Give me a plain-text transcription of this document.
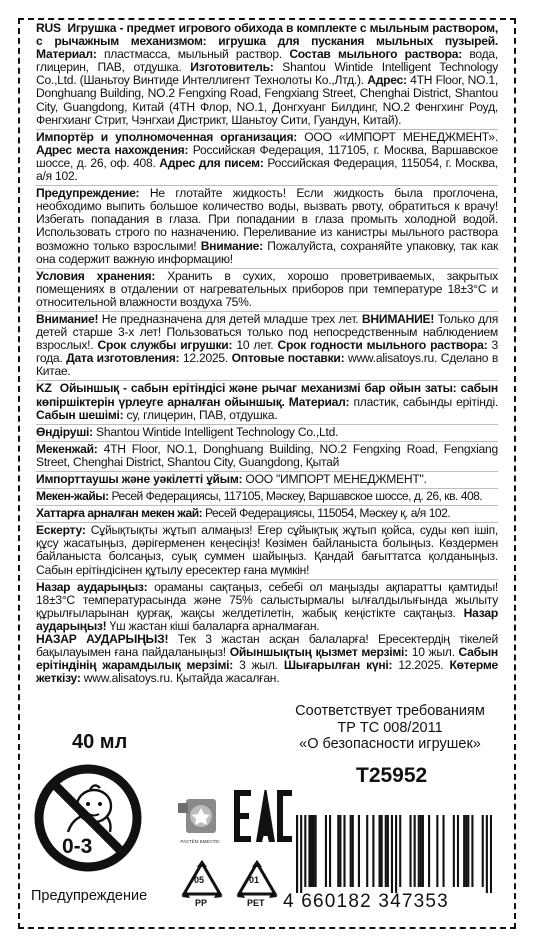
RUS Игрушка - предмет игрового обихода в комплекте с мыльным раствором, с рычажным механизмом: игрушка для пускания мыльных пузырей. Материал: пластмасса, мыльный раствор. Состав мыльного раствора: вода, глицерин, ПАВ, отдушка. Изготовитель: Shantou Wintide Intelligent Technology Co.,Ltd. (Шаньтоу Винтиде Интеллигент Технолоты Ко.,Лтд.). Адрес: 4TH Floor, NO.1, Donghuang Building, NO.2 Fengxing Road, Fengxiang Street, Chenghai District, Shantou City, Guangdong, Китай (4TH Флор, NO.1, Донгхуанг Билдинг, NO.2 Фенгхинг Роуд, Фенгхианг Стрит, Чэнгхаи Дистрикт, Шаньтоу Сити, Гуандун, Китай).

Импортёр и уполномоченная организация: ООО «ИМПОРТ МЕНЕДЖМЕНТ». Адрес места нахождения: Российская Федерация, 117105, г. Москва, Варшавское шоссе, д. 26, оф. 408. Адрес для писем: Российская Федерация, 115054, г. Москва, а/я 102.

Предупреждение: Не глотайте жидкость! Если жидкость была проглочена, необходимо выпить большое количество воды, вызвать рвоту, обратиться к врачу! Избегать попадания в глаза. При попадании в глаза промыть холодной водой. Использовать строго по назначению. Переливание из канистры мыльного раствора возможно только взрослыми! Внимание: Пожалуйста, сохраняйте упаковку, так как она содержит важную информацию!

Условия хранения: Хранить в сухих, хорошо проветриваемых, закрытых помещениях в отдалении от нагревательных приборов при температуре 18±3°С и относительной влажности воздуха 75%.

Внимание! Не предназначена для детей младше трех лет. ВНИМАНИЕ! Только для детей старше 3-х лет! Пользоваться только под непосредственным наблюдением взрослых!. Срок службы игрушки: 10 лет. Срок годности мыльного раствора: 3 года. Дата изготовления: 12.2025. Оптовые поставки: www.alisatoys.ru. Сделано в Китае.

KZ Ойыншық - сабын ерітіндісі және рычаг механизмі бар ойын заты: сабын көпіршіктерін үрлеуге арналған ойыншық. Материал: пластик, сабынды ерітінді. Сабын шешімі: су, глицерин, ПАВ, отдушка.

Өндіруші: Shantou Wintide Intelligent Technology Co.,Ltd.

Мекенжай: 4TH Floor, NO.1, Donghuang Building, NO.2 Fengxing Road, Fengxiang Street, Chenghai District, Shantou City, Guangdong, Қытай

Импорттаушы және уәкілетті ұйым: ООО "ИМПОРТ МЕНЕДЖМЕНТ".

Мекен-жайы: Ресей Федерациясы, 117105, Мәскеу, Варшавское шоссе, д. 26, кв. 408.

Хаттарға арналған мекен жай: Ресей Федерациясы, 115054, Мәскеу қ. а/я 102.

Ескерту: Сұйықтықты жұтып алмаңыз! Егер сұйықтық жұтып қойса, суды көп ішіп, құсу жасатыңыз, дәрігерменен кеңесіңіз! Көзімен байланыста болыңыз. Көздермен байланыста болсаңыз, суық суммен шайыңыз. Қандай бағыттатса қолданыңыз. Сабын ерітіндісінен құтылу ересектер ғана мүмкін!

Назар аударыңыз: ораманы сақтаңыз, себебі ол маңызды ақпаратты қамтиды! 18±3°С температурасында және 75% салыстырмалы ылғалдылығында жылыту құрылғыларынан қурғақ, жақсы желдетілетін, жабық кеңістікте сақтаңыз. Назар аударыңыз! Үш жастан кіші балаларға арналмаған.

НАЗАР АУДАРЫҢЫЗ! Тек 3 жастан асқан балаларға! Ересектердің тікелей бақылауымен ғана пайдаланыңыз! Ойыншықтың қызмет мерзімі: 10 жыл. Сабын ерітіндінің жарамдылық мерзімі: 3 жыл. Шығарылған күні: 12.2025. Көтерме жеткізу: www.alisatoys.ru. Қытайда жасалған.

Соответствует требованиям
ТР ТС 008/2011
«О безопасности игрушек»
40 мл
0-3
Предупреждение
T25952
РАСТЁМ ВМЕСТЕ!
EAC
05
PP
01
PET 4 660182 347353
